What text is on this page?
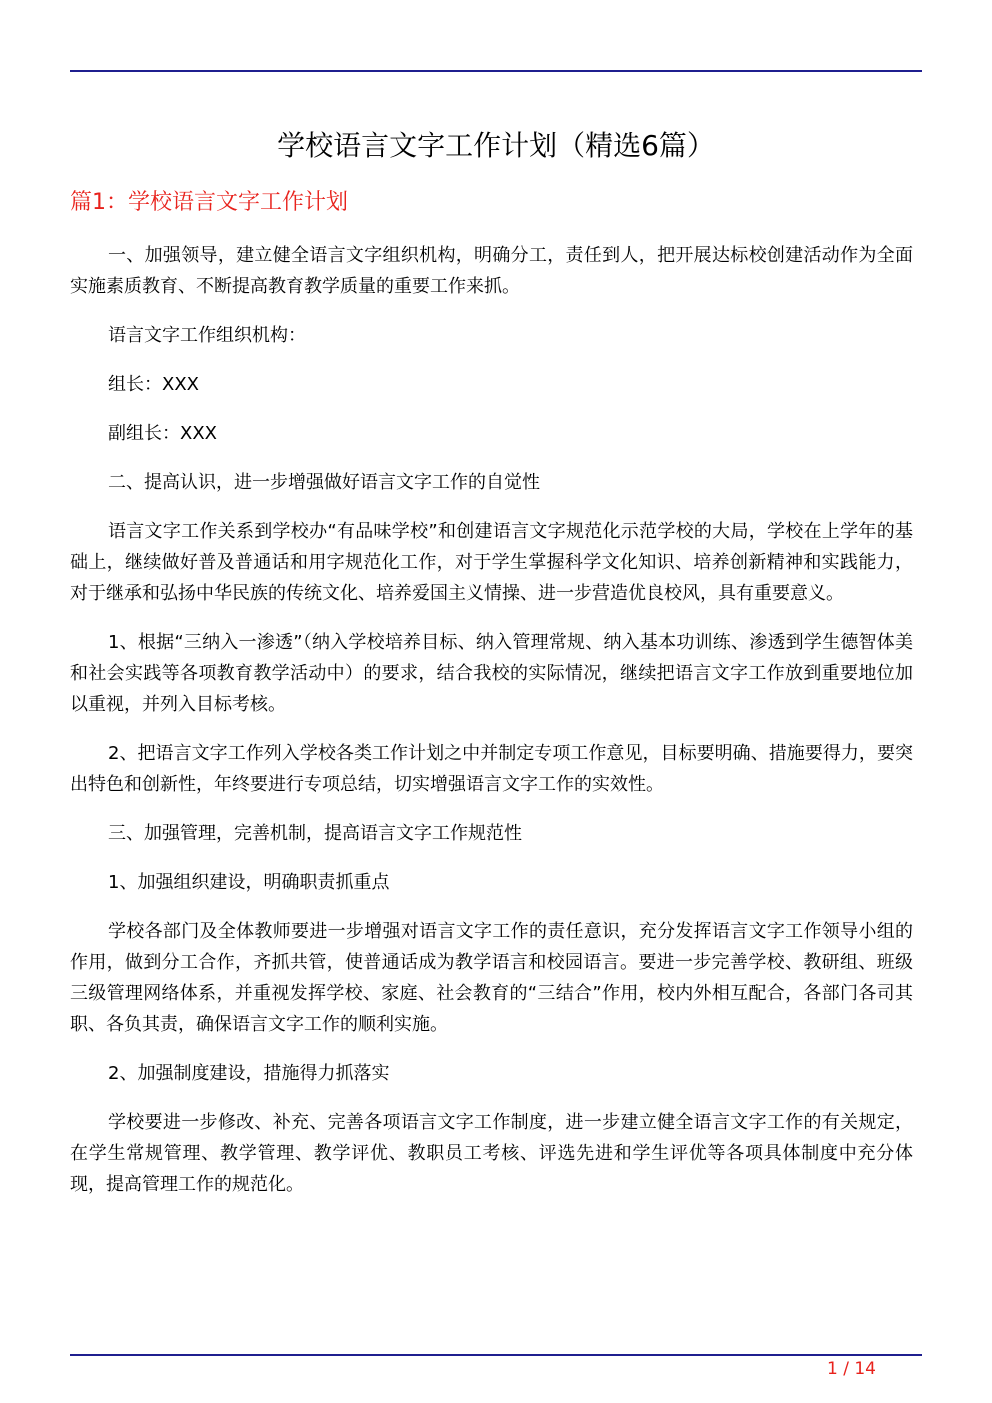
学校语言文字工作计划（精选6篇）
篇1：学校语言文字工作计划

一、加强领导，建立健全语言文字组织机构，明确分工，责任到人，把开展达标校创建活动作为全面实施素质教育、不断提高教育教学质量的重要工作来抓。

语言文字工作组织机构：

组长：XXX

副组长：XXX

二、提高认识，进一步增强做好语言文字工作的自觉性

语言文字工作关系到学校办“有品味学校”和创建语言文字规范化示范学校的大局，学校在上学年的基础上，继续做好普及普通话和用字规范化工作，对于学生掌握科学文化知识、培养创新精神和实践能力，对于继承和弘扬中华民族的传统文化、培养爱国主义情操、进一步营造优良校风，具有重要意义。

1、根据“三纳入一渗透”（纳入学校培养目标、纳入管理常规、纳入基本功训练、渗透到学生德智体美和社会实践等各项教育教学活动中）的要求，结合我校的实际情况，继续把语言文字工作放到重要地位加以重视，并列入目标考核。

2、把语言文字工作列入学校各类工作计划之中并制定专项工作意见，目标要明确、措施要得力，要突出特色和创新性，年终要进行专项总结，切实增强语言文字工作的实效性。

三、加强管理，完善机制，提高语言文字工作规范性

1、加强组织建设，明确职责抓重点

学校各部门及全体教师要进一步增强对语言文字工作的责任意识，充分发挥语言文字工作领导小组的作用，做到分工合作，齐抓共管，使普通话成为教学语言和校园语言。要进一步完善学校、教研组、班级三级管理网络体系，并重视发挥学校、家庭、社会教育的“三结合”作用，校内外相互配合，各部门各司其职、各负其责，确保语言文字工作的顺利实施。

2、加强制度建设，措施得力抓落实

学校要进一步修改、补充、完善各项语言文字工作制度，进一步建立健全语言文字工作的有关规定，在学生常规管理、教学管理、教学评优、教职员工考核、评选先进和学生评优等各项具体制度中充分体现，提高管理工作的规范化。

1 / 14
